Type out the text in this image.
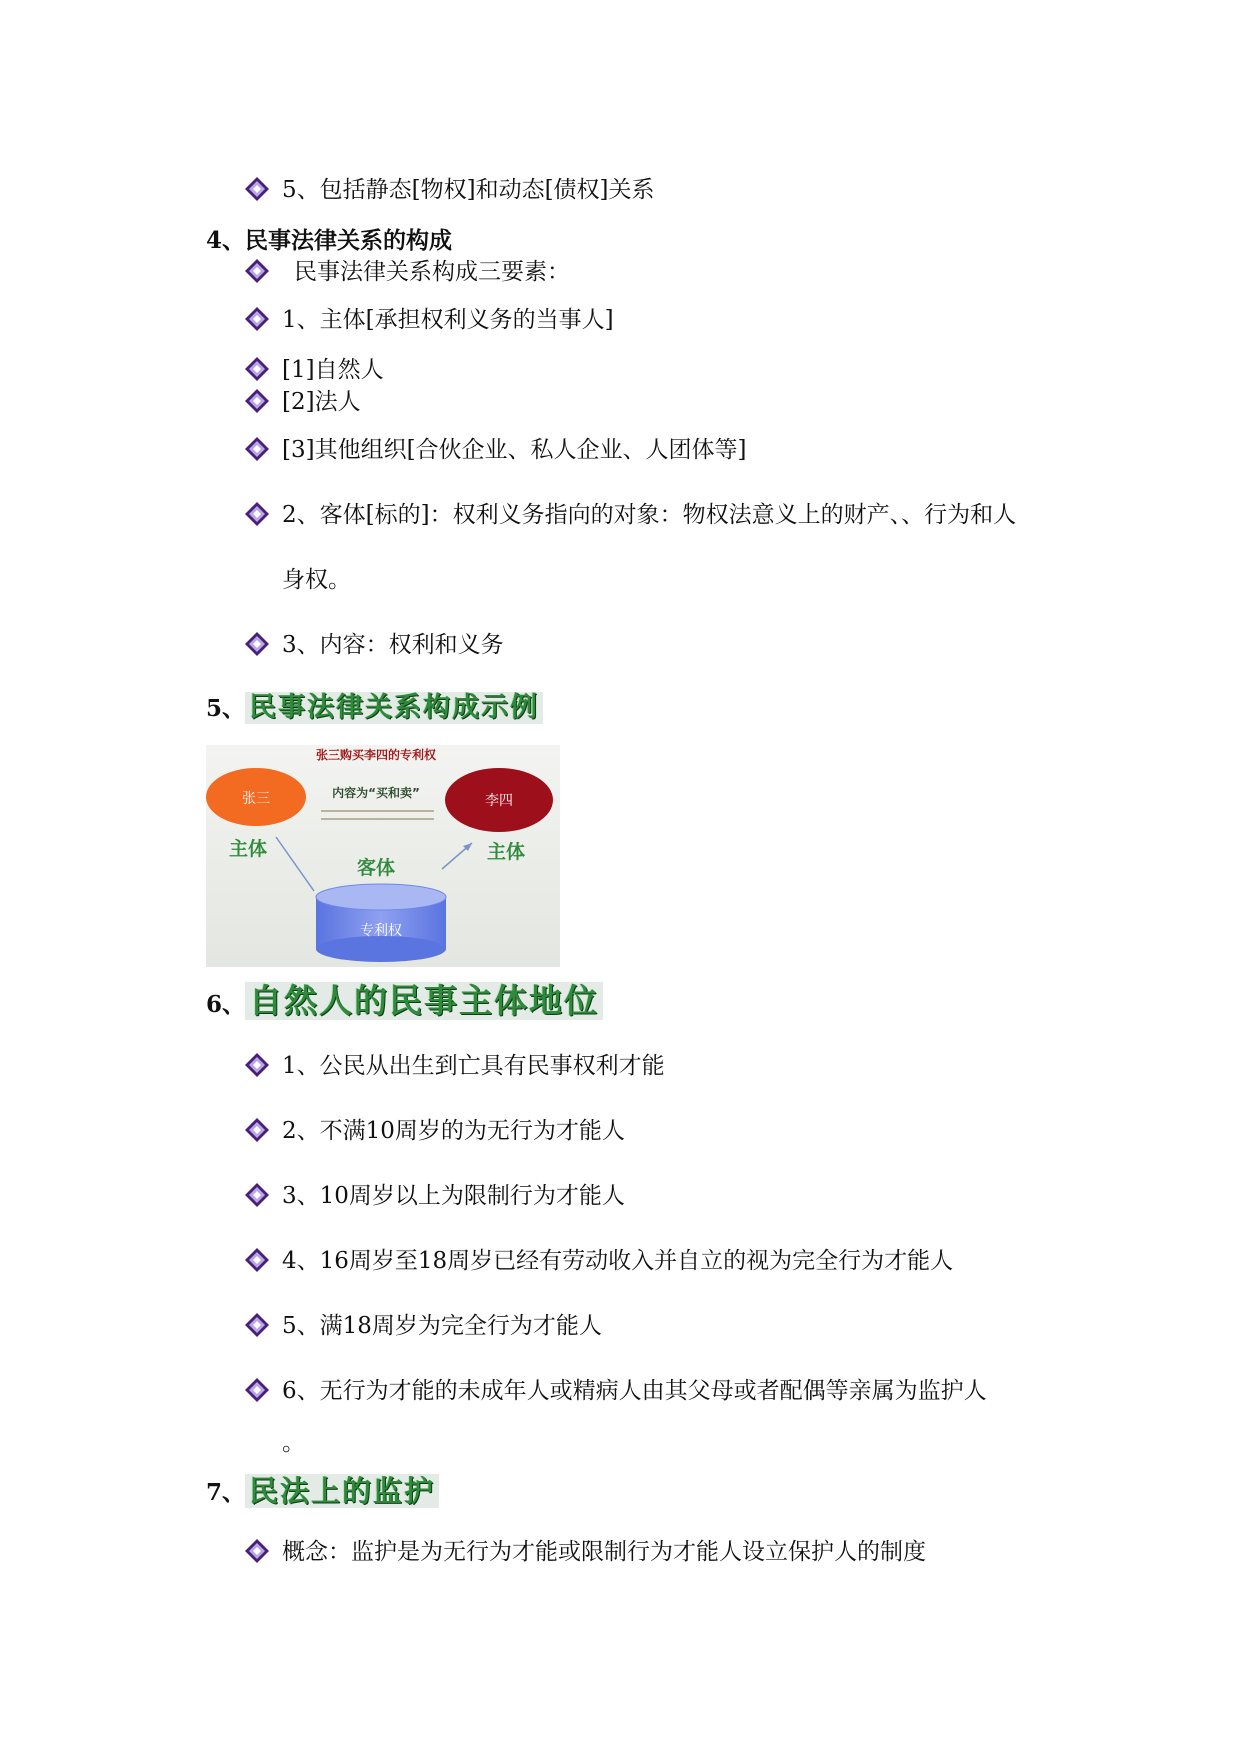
5、包括静态[物权]和动态[债权]关系
4、民事法律关系的构成
民事法律关系构成三要素：
1、主体[承担权利义务的当事人]
[1]自然人
[2]法人
[3]其他组织[合伙企业、私人企业、人团体等]
2、客体[标的]：权利义务指向的对象：物权法意义上的财产、、行为和人
身权。
3、内容：权利和义务
5、 民事法律关系构成示例
张三购买李四的专利权
张三	李四
内容为“买和卖”
主体	主体
客体
专利权
6、 自然人的民事主体地位
1、公民从出生到亡具有民事权利才能
2、不满10周岁的为无行为才能人
3、10周岁以上为限制行为才能人
4、16周岁至18周岁已经有劳动收入并自立的视为完全行为才能人
5、满18周岁为完全行为才能人
6、无行为才能的未成年人或精病人由其父母或者配偶等亲属为监护人
。
7、 民法上的监护
概念：监护是为无行为才能或限制行为才能人设立保护人的制度
